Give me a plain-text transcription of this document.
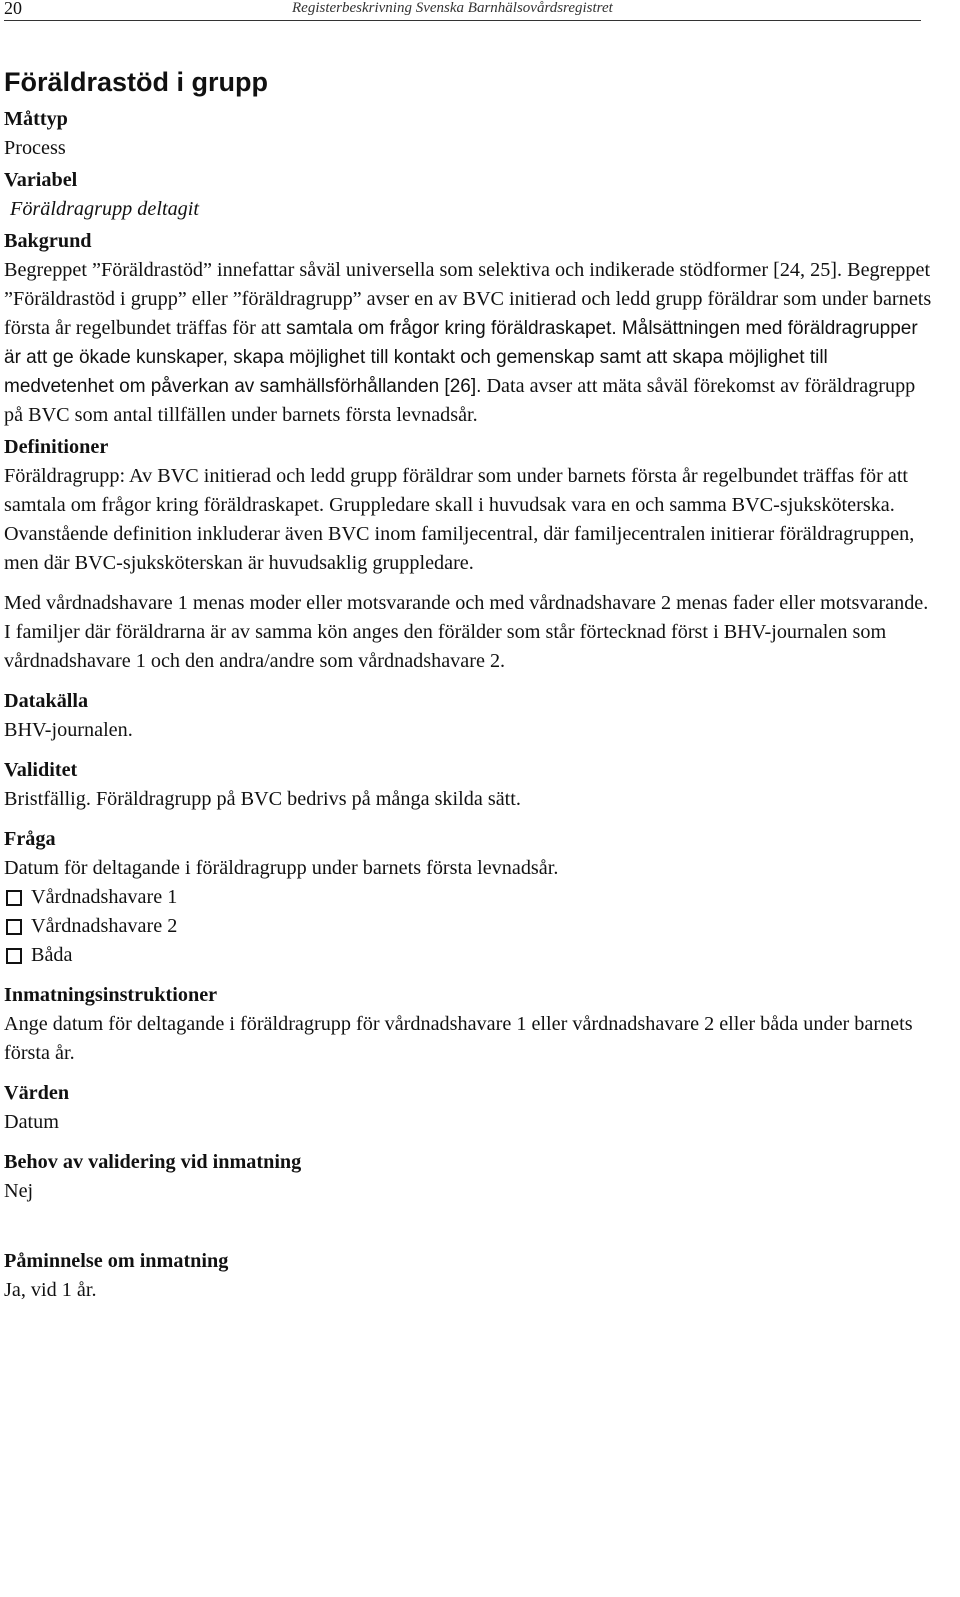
20	Registerbeskrivning Svenska Barnhälsovårdsregistret
Föräldrastöd i grupp
Måttyp

Process

Variabel

Föräldragrupp deltagit

Bakgrund

Begreppet ”Föräldrastöd” innefattar såväl universella som selektiva och indikerade stödformer [24, 25]. Begreppet ”Föräldrastöd i grupp” eller ”föräldragrupp” avser en av BVC initierad och ledd grupp föräldrar som under barnets första år regelbundet träffas för att samtala om frågor kring föräldraskapet. Målsättningen med föräldragrupper är att ge ökade kunskaper, skapa möjlighet till kontakt och gemenskap samt att skapa möjlighet till medvetenhet om påverkan av samhällsförhållanden [26]. Data avser att mäta såväl förekomst av föräldragrupp på BVC som antal tillfällen under barnets första levnadsår.

Definitioner

Föräldragrupp: Av BVC initierad och ledd grupp föräldrar som under barnets första år regelbundet träffas för att samtala om frågor kring föräldraskapet. Gruppledare skall i huvudsak vara en och samma BVC-sjuksköterska. Ovanstående definition inkluderar även BVC inom familjecentral, där familjecentralen initierar föräldragruppen, men där BVC-sjuksköterskan är huvudsaklig gruppledare.

Med vårdnadshavare 1 menas moder eller motsvarande och med vårdnadshavare 2 menas fader eller motsvarande. I familjer där föräldrarna är av samma kön anges den förälder som står förtecknad först i BHV-journalen som vårdnadshavare 1 och den andra/andre som vårdnadshavare 2.

Datakälla

BHV-journalen.

Validitet

Bristfällig. Föräldragrupp på BVC bedrivs på många skilda sätt.

Fråga

Datum för deltagande i föräldragrupp under barnets första levnadsår.

Vårdnadshavare 1
Vårdnadshavare 2
Båda
Inmatningsinstruktioner

Ange datum för deltagande i föräldragrupp för vårdnadshavare 1 eller vårdnadshavare 2 eller båda under barnets första år.

Värden

Datum

Behov av validering vid inmatning

Nej

Påminnelse om inmatning

Ja, vid 1 år.
